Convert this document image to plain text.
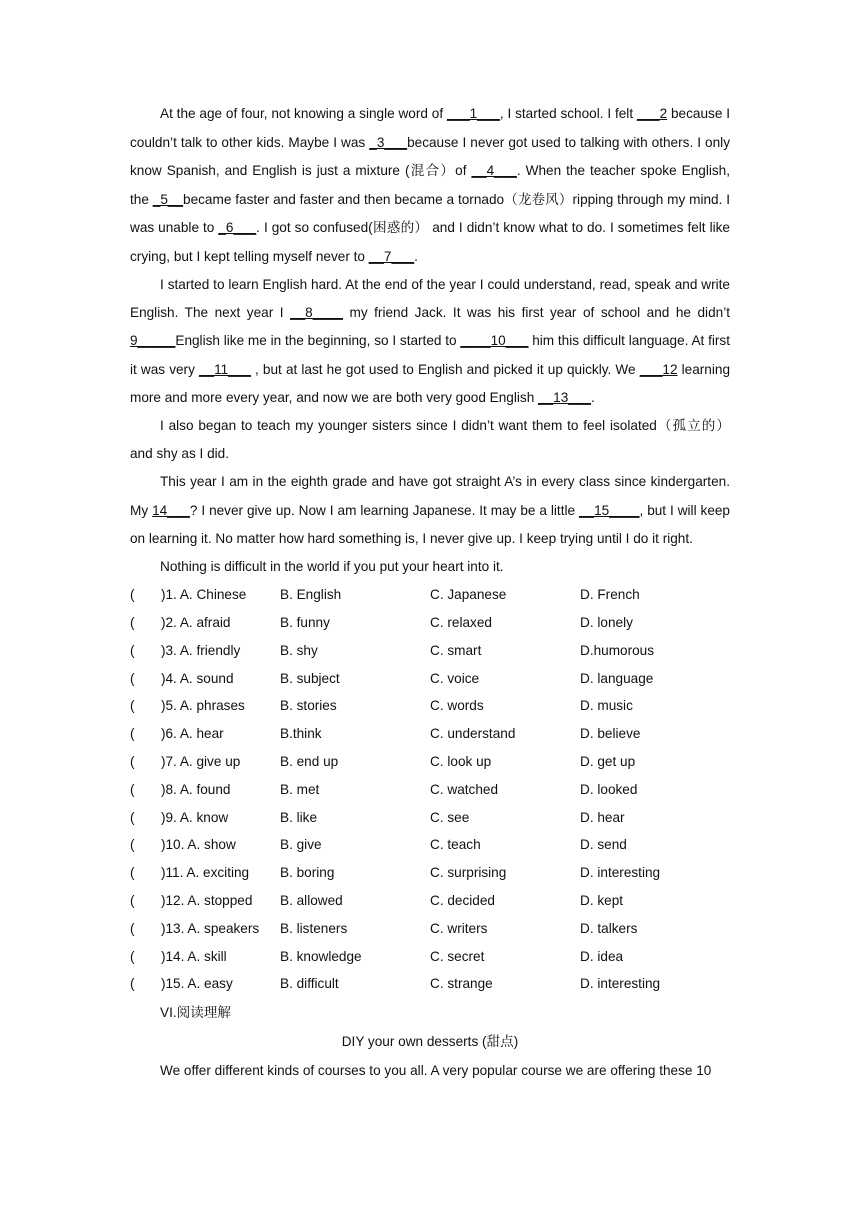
At the age of four, not knowing a single word of ___1___, I started school. I felt ___2 because I couldn’t talk to other kids. Maybe I was _3___because I never got used to talking with others. I only know Spanish, and English is just a mixture (混合）of __4___. When the teacher spoke English, the _5__became faster and faster and then became a tornado（龙卷风）ripping through my mind. I was unable to _6___. I got so confused(困惑的） and I didn’t know what to do. I sometimes felt like crying, but I kept telling myself never to __7___.

I started to learn English hard. At the end of the year I could understand, read, speak and write English. The next year I __8____ my friend Jack. It was his first year of school and he didn’t 9_____English like me in the beginning, so I started to ____10___ him this difficult language. At first it was very __11___ , but at last he got used to English and picked it up quickly. We ___12 learning more and more every year, and now we are both very good English __13___.

I also began to teach my younger sisters since I didn’t want them to feel isolated（孤立的）and shy as I did.

This year I am in the eighth grade and have got straight A’s in every class since kindergarten. My 14___? I never give up. Now I am learning Japanese. It may be a little __15____, but I will keep on learning it. No matter how hard something is, I never give up. I keep trying until I do it right.

Nothing is difficult in the world if you put your heart into it.

(       )1. A. Chinese	B. English	C. Japanese	D. French
(       )2. A. afraid	B. funny	C. relaxed	D. lonely
(       )3. A. friendly	B. shy	C. smart	D.humorous
(       )4. A. sound	B. subject	C. voice	D. language
(       )5. A. phrases	B. stories	C. words	D. music
(       )6. A. hear	B.think	C. understand	D. believe
(       )7. A. give up	B. end up	C. look up	D. get up
(       )8. A. found	B. met	C. watched	D. looked
(       )9. A. know	B. like	C. see	D. hear
(       )10. A. show	B. give	C. teach	D. send
(       )11. A. exciting	B. boring	C. surprising	D. interesting
(       )12. A. stopped	B. allowed	C. decided	D. kept
(       )13. A. speakers	B. listeners	C. writers	D. talkers
(       )14. A. skill	B. knowledge	C. secret	D. idea
(       )15. A. easy	B. difficult	C. strange	D. interesting

VI.阅读理解

DIY your own desserts (甜点)

We offer different kinds of courses to you all. A very popular course we are offering these 10
